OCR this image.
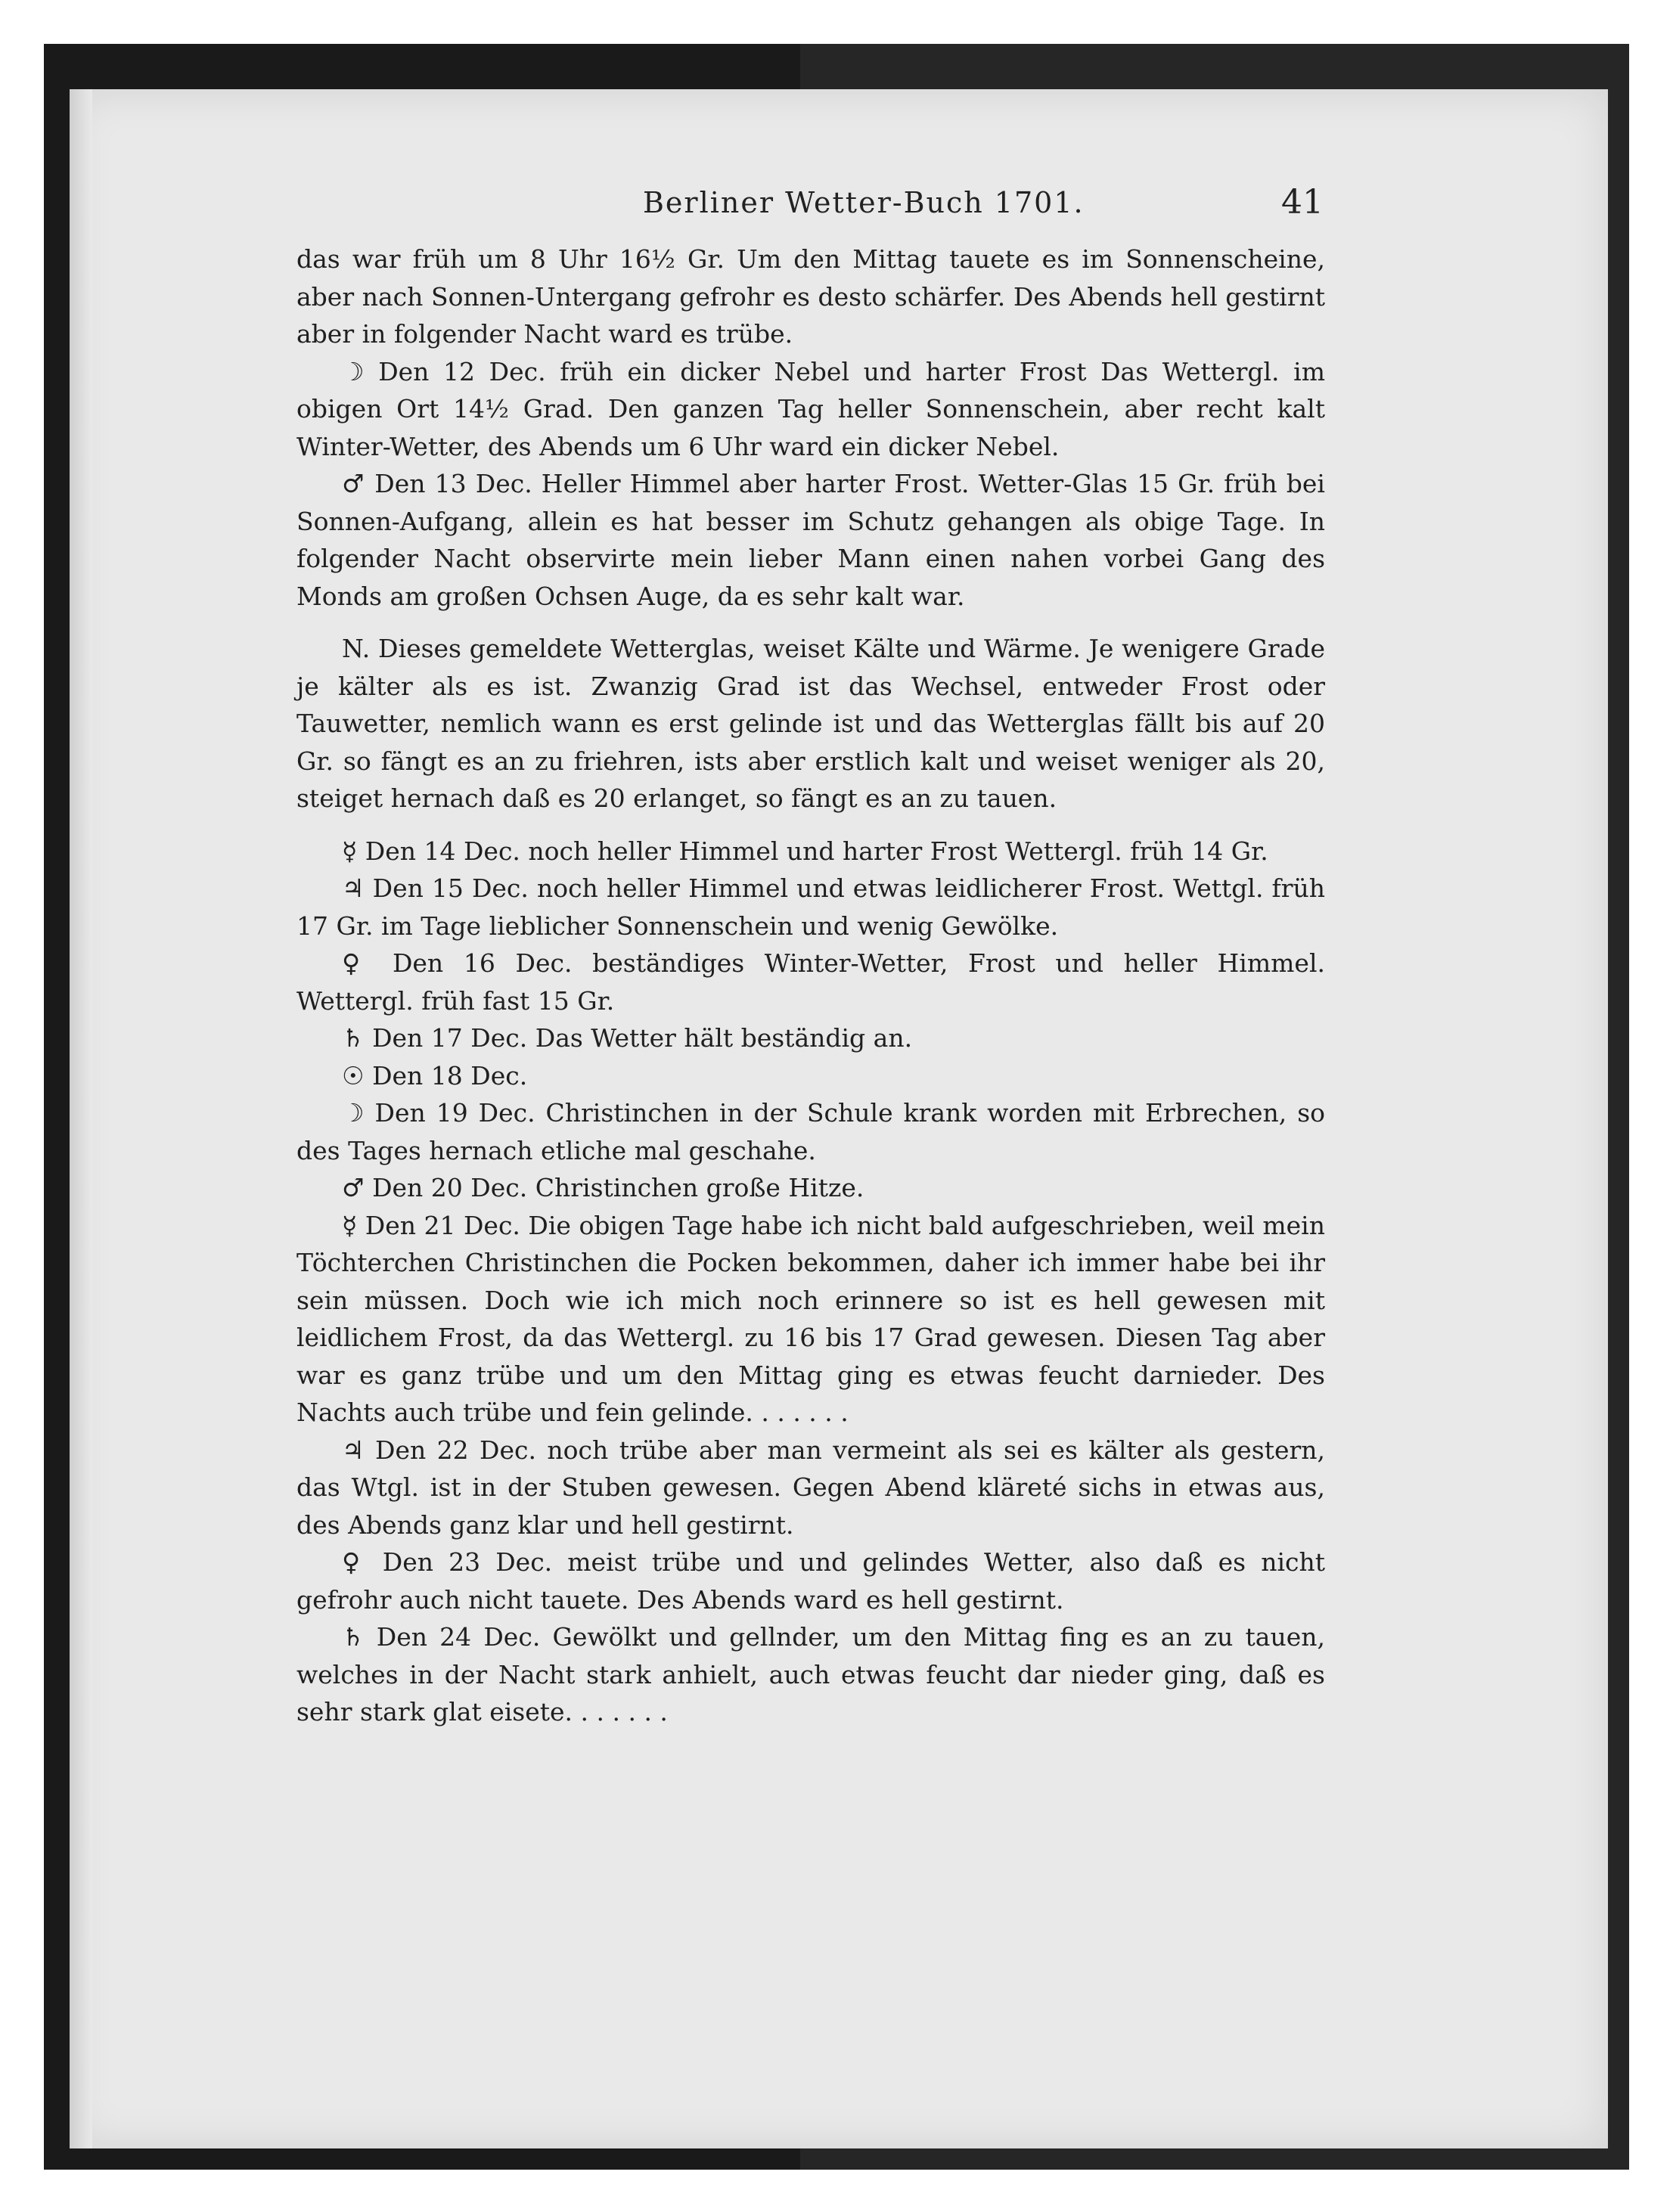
Berliner Wetter-Buch 1701.	41

das war früh um 8 Uhr 16½ Gr. Um den Mittag tauete es im Sonnenscheine, aber nach Sonnen-Untergang gefrohr es desto schärfer. Des Abends hell gestirnt aber in folgender Nacht ward es trübe.

☽ Den 12 Dec. früh ein dicker Nebel und harter Frost Das Wettergl. im obigen Ort 14½ Grad. Den ganzen Tag heller Sonnenschein, aber recht kalt Winter-Wetter, des Abends um 6 Uhr ward ein dicker Nebel.

♂ Den 13 Dec. Heller Himmel aber harter Frost. Wetter-Glas 15 Gr. früh bei Sonnen-Aufgang, allein es hat besser im Schutz gehangen als obige Tage. In folgender Nacht observirte mein lieber Mann einen nahen vorbei Gang des Monds am großen Ochsen Auge, da es sehr kalt war.

N. Dieses gemeldete Wetterglas, weiset Kälte und Wärme. Je wenigere Grade je kälter als es ist. Zwanzig Grad ist das Wechsel, entweder Frost oder Tauwetter, nemlich wann es erst gelinde ist und das Wetterglas fällt bis auf 20 Gr. so fängt es an zu friehren, ists aber erstlich kalt und weiset weniger als 20, steiget hernach daß es 20 erlanget, so fängt es an zu tauen.

☿ Den 14 Dec. noch heller Himmel und harter Frost Wettergl. früh 14 Gr.

♃ Den 15 Dec. noch heller Himmel und etwas leidlicherer Frost. Wettgl. früh 17 Gr. im Tage lieblicher Sonnenschein und wenig Gewölke.

♀ Den 16 Dec. beständiges Winter-Wetter, Frost und heller Himmel. Wettergl. früh fast 15 Gr.

♄ Den 17 Dec. Das Wetter hält beständig an.

☉ Den 18 Dec.

☽ Den 19 Dec. Christinchen in der Schule krank worden mit Erbrechen, so des Tages hernach etliche mal geschahe.

♂ Den 20 Dec. Christinchen große Hitze.

☿ Den 21 Dec. Die obigen Tage habe ich nicht bald aufgeschrieben, weil mein Töchterchen Christinchen die Pocken bekommen, daher ich immer habe bei ihr sein müssen. Doch wie ich mich noch erinnere so ist es hell gewesen mit leidlichem Frost, da das Wettergl. zu 16 bis 17 Grad gewesen. Diesen Tag aber war es ganz trübe und um den Mittag ging es etwas feucht darnieder. Des Nachts auch trübe und fein gelinde. . . . . . .

♃ Den 22 Dec. noch trübe aber man vermeint als sei es kälter als gestern, das Wtgl. ist in der Stuben gewesen. Gegen Abend kläreté sichs in etwas aus, des Abends ganz klar und hell gestirnt.

♀ Den 23 Dec. meist trübe und und gelindes Wetter, also daß es nicht gefrohr auch nicht tauete. Des Abends ward es hell gestirnt.

♄ Den 24 Dec. Gewölkt und gellnder, um den Mittag fing es an zu tauen, welches in der Nacht stark anhielt, auch etwas feucht dar nieder ging, daß es sehr stark glat eisete. . . . . . .
